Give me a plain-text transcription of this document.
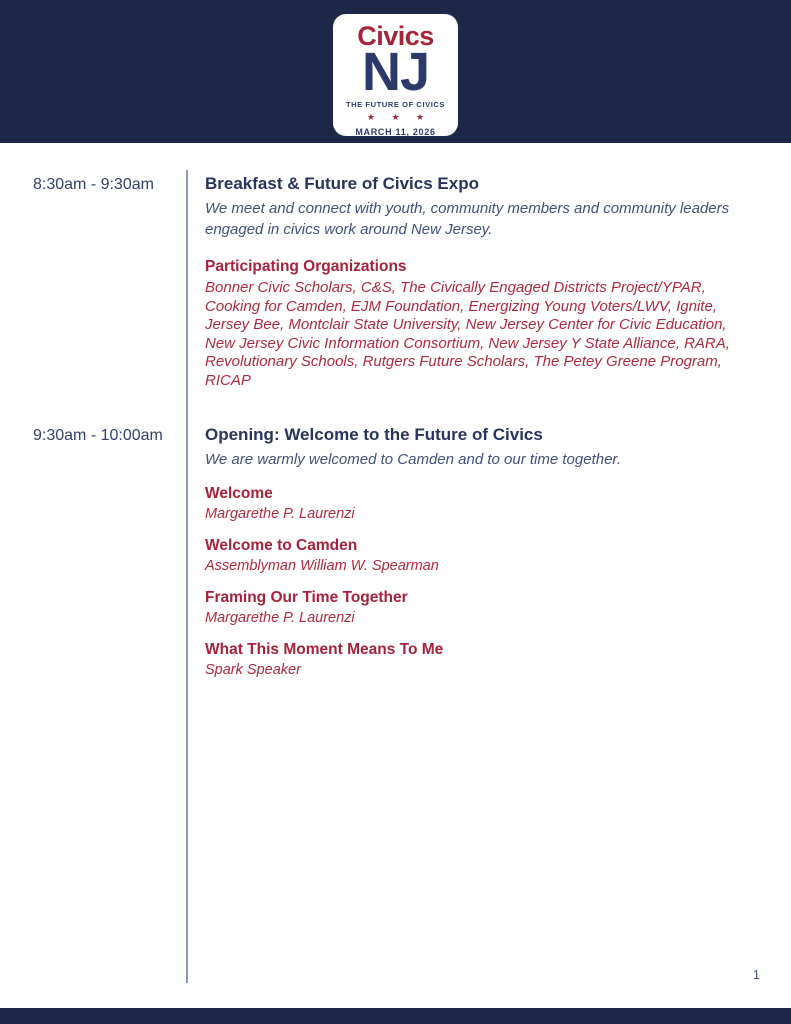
Civics
NJ
THE FUTURE OF CIVICS
★ ★ ★
MARCH 11, 2026
8:30am - 9:30am	Breakfast & Future of Civics Expo

We meet and connect with youth, community members and community leaders engaged in civics work around New Jersey.

Participating Organizations

Bonner Civic Scholars, C&S, The Civically Engaged Districts Project/YPAR, Cooking for Camden, EJM Foundation, Energizing Young Voters/LWV, Ignite, Jersey Bee, Montclair State University, New Jersey Center for Civic Education, New Jersey Civic Information Consortium, New Jersey Y State Alliance, RARA, Revolutionary Schools, Rutgers Future Scholars, The Petey Greene Program, RICAP

9:30am - 10:00am	Opening: Welcome to the Future of Civics

We are warmly welcomed to Camden and to our time together.

Welcome
Margarethe P. Laurenzi
Welcome to Camden
Assemblyman William W. Spearman
Framing Our Time Together
Margarethe P. Laurenzi
What This Moment Means To Me
Spark Speaker
1
